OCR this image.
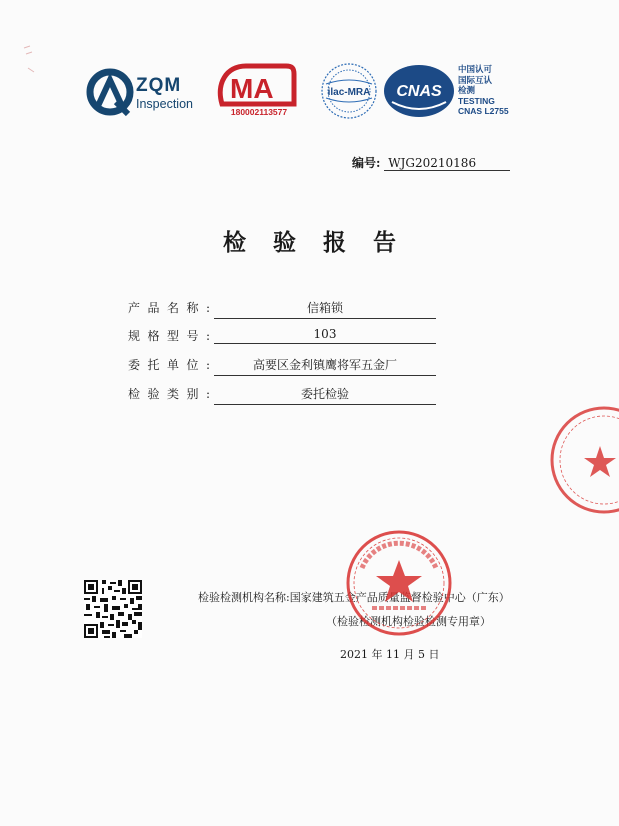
ZQM
Inspection MA
180002113577
ilac-MRA CNAS
中国认可
国际互认
检测
TESTING
CNAS L2755
编号: WJG20210186
检验报告
产品名称:	信箱锁
规格型号:	103
委托单位:	高要区金利镇鹰将军五金厂
检验类别:	委托检验
检验检测机构名称:国家建筑五金产品质量监督检验中心（广东）
（检验检测机构检验检测专用章）
2021 年 11 月 5 日
